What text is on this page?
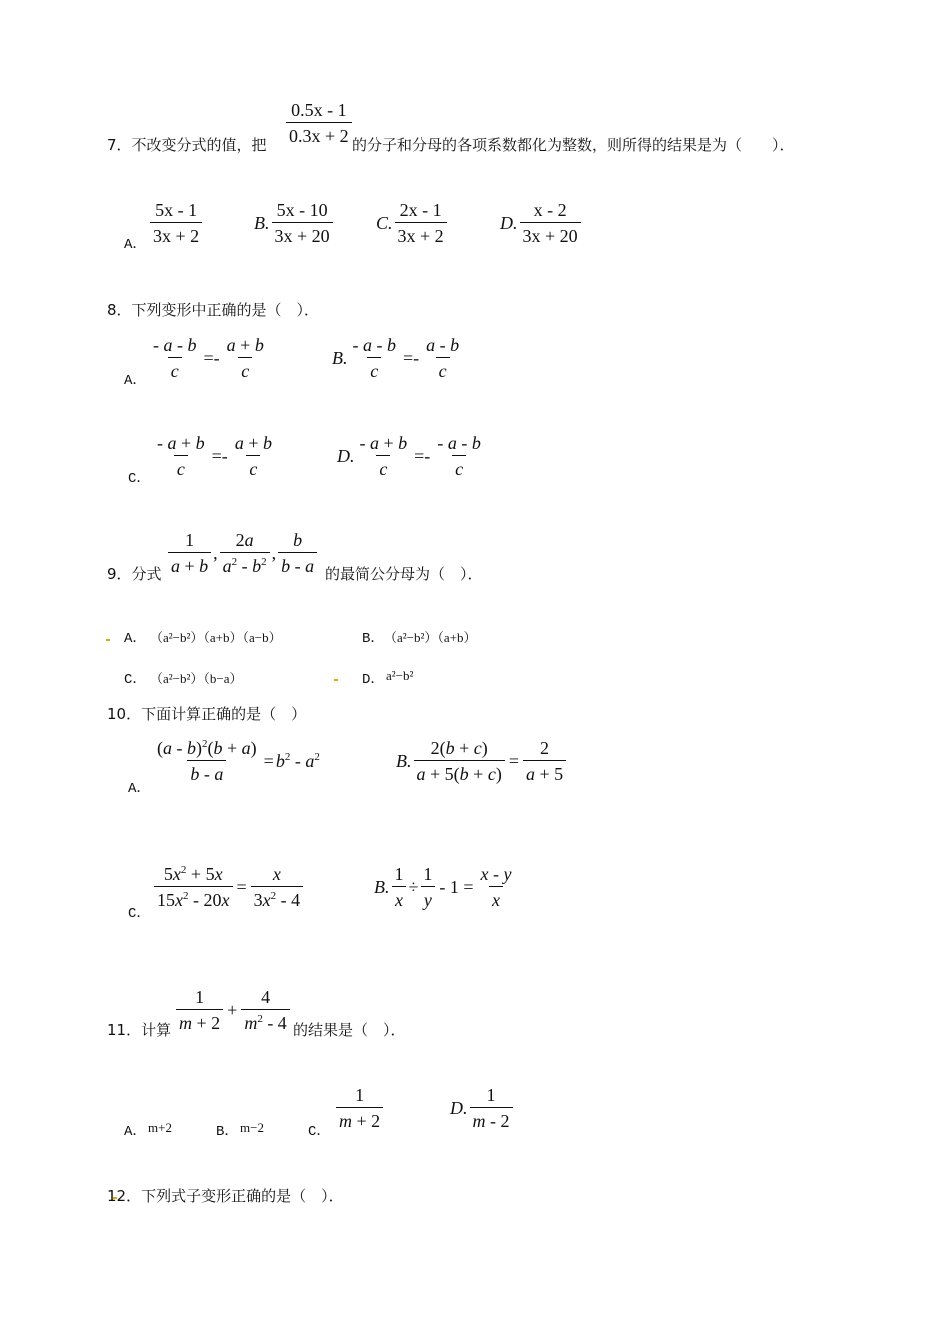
7．不改变分式的值，把 $\frac{0.5x - 1}{0.3x + 2}$ 的分子和分母的各项系数都化为整数，则所得的结果是为（　　）．
A． $\frac{5x - 1}{3x + 2}$	B. $\frac{5x - 10}{3x + 20} C$. $\frac{2x - 1}{3x + 2}$	D. $\frac{x - 2}{3x + 20}$
8．下列变形中正确的是（　）．
A．
$\frac{- a - b}{c} =- \frac{a + b}{c}$	B. $\frac{- a - b}{c} =- \frac{a - b}{c}$
C．
$\frac{- a + b}{c} =- \frac{a + b}{c}$	D. $\frac{- a + b}{c} =- \frac{- a - b}{c}$
9．分式 $\frac{1}{a + b}$ , $\frac{2a}{a^2 - b^2}$ , $\frac{b}{b - a}$ 的最简公分母为（　）．
A． （a²−b²）（a+b）（a−b）	B． （a²−b²）（a+b）
C． （a²−b²）（b−a）	D． a²−b²
10．下面计算正确的是（　）
A．
$\frac{(a - b)^2(b + a)}{b - a} = b^2 - a^2$	B. $\frac{2(b + c)}{a + 5(b + c)} = \frac{2}{a + 5}$
C．
$\frac{5x^2 + 5x}{15x^2 - 20x} = \frac{x}{3x^2 - 4}$	B. $\frac{1}{x} \div \frac{1}{y} - 1 = \frac{x - y}{x}$
11．计算 $\frac{1}{m + 2} + \frac{4}{m^2 - 4}$ 的结果是（　）．
A． m+2	B． m−2	C．
$\frac{1}{m + 2}$	D. $\frac{1}{m - 2}$
12．下列式子变形正确的是（　）．
